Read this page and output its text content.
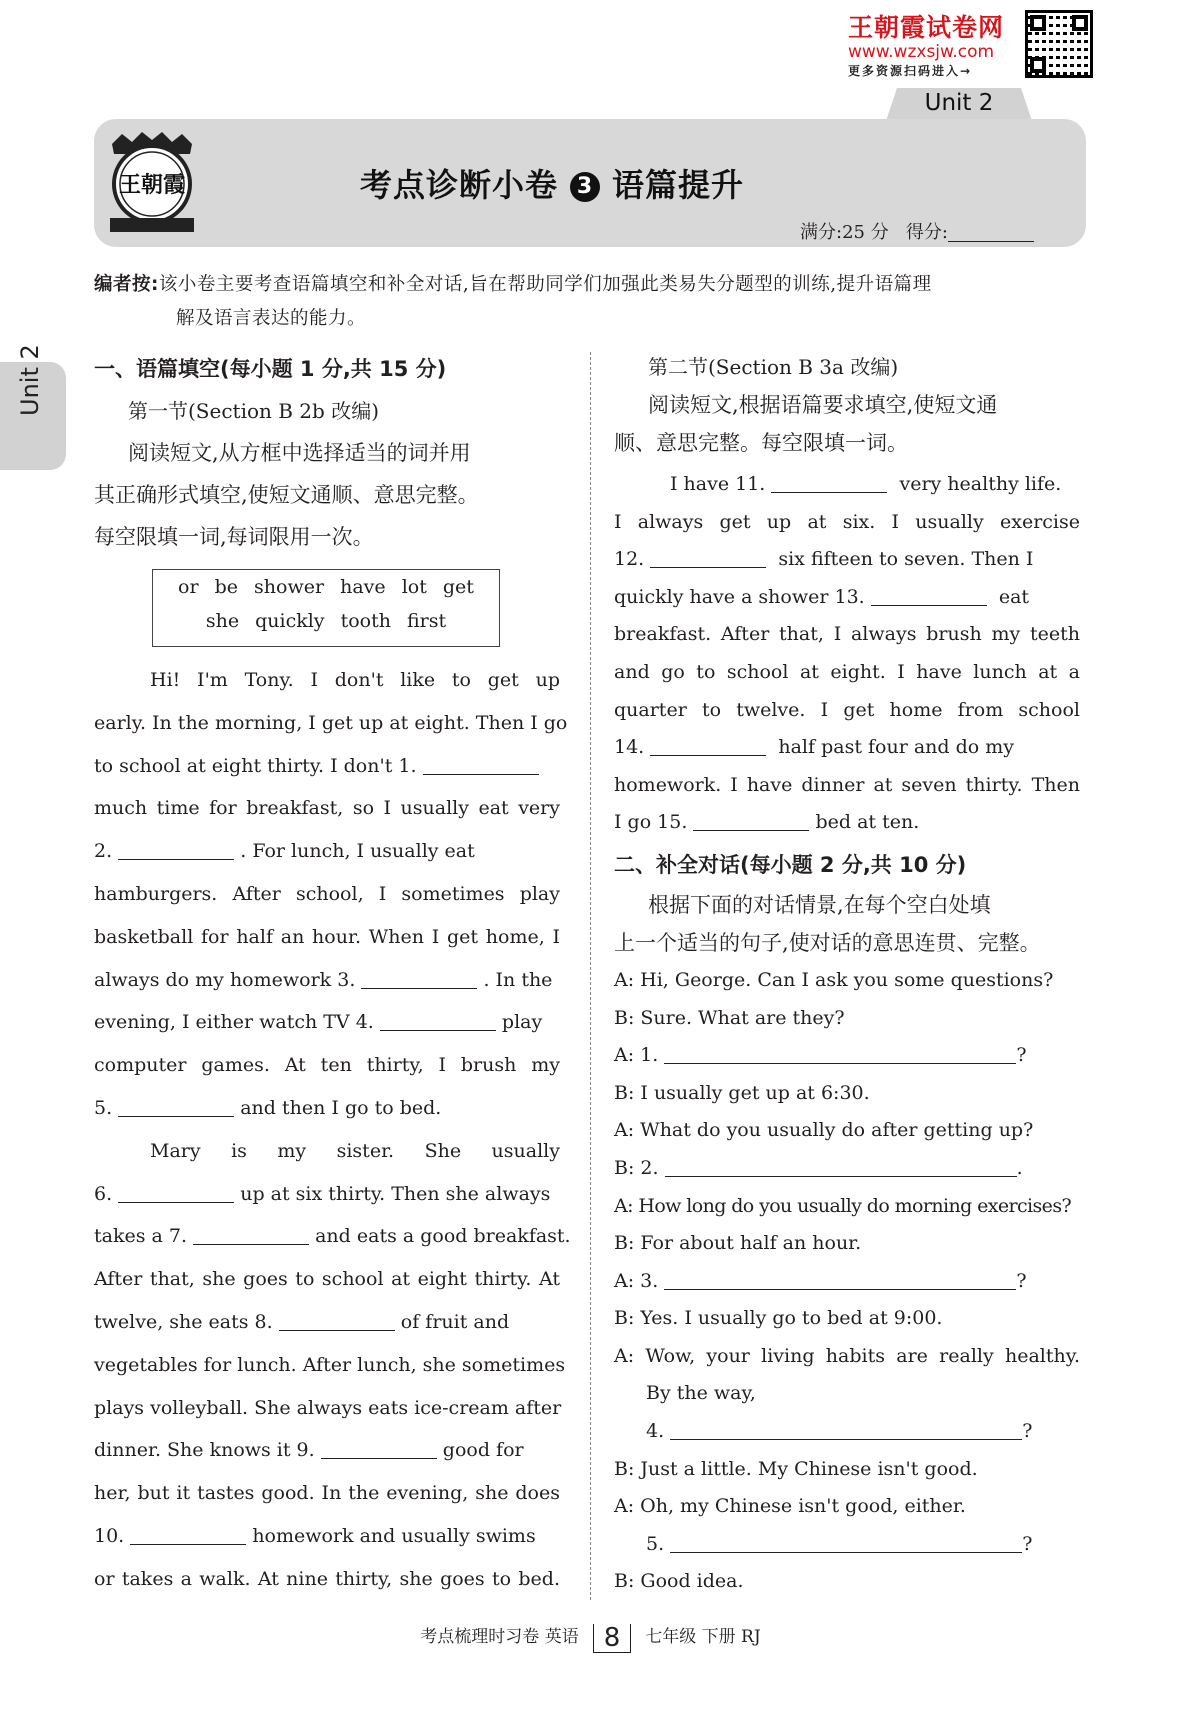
王朝霞试卷网
www.wzxsjw.com
更多资源扫码进入→
Unit 2
王朝霞	考点诊断小卷 3 语篇提升
满分:25 分 得分:
编者按:该小卷主要考查语篇填空和补全对话,旨在帮助同学们加强此类易失分题型的训练,提升语篇理
解及语言表达的能力。
一、语篇填空(每小题 1 分,共 15 分)
第一节(Section B 2b 改编)
阅读短文,从方框中选择适当的词并用
其正确形式填空,使短文通顺、意思完整。
每空限填一词,每词限用一次。
or be shower have lot get
she quickly tooth first
Hi! I'm Tony. I don't like to get up
early. In the morning, I get up at eight. Then I go
to school at eight thirty. I don't 1.
much time for breakfast, so I usually eat very
2.	. For lunch, I usually eat
hamburgers. After school, I sometimes play
basketball for half an hour. When I get home, I
always do my homework 3.	. In the
evening, I either watch TV 4.	play
computer games. At ten thirty, I brush my
5.	and then I go to bed.
Mary is my sister. She usually
6.	up at six thirty. Then she always
takes a 7.	and eats a good breakfast.
After that, she goes to school at eight thirty. At
twelve, she eats 8.	of fruit and
vegetables for lunch. After lunch, she sometimes
plays volleyball. She always eats ice-cream after
dinner. She knows it 9.	good for
her, but it tastes good. In the evening, she does
10.	homework and usually swims
or takes a walk. At nine thirty, she goes to bed.
第二节(Section B 3a 改编)
阅读短文,根据语篇要求填空,使短文通
顺、意思完整。每空限填一词。
I have 11.	very healthy life.
I always get up at six. I usually exercise
12.	six fifteen to seven. Then I
quickly have a shower 13.	eat
breakfast. After that, I always brush my teeth
and go to school at eight. I have lunch at a
quarter to twelve. I get home from school
14.	half past four and do my
homework. I have dinner at seven thirty. Then
I go 15.	bed at ten.
二、补全对话(每小题 2 分,共 10 分)
根据下面的对话情景,在每个空白处填
上一个适当的句子,使对话的意思连贯、完整。
A: Hi, George. Can I ask you some questions?
B: Sure. What are they?
A: 1.	?
B: I usually get up at 6:30.
A: What do you usually do after getting up?
B: 2.	.
A: How long do you usually do morning exercises?
B: For about half an hour.
A: 3.	?
B: Yes. I usually go to bed at 9:00.
A: Wow, your living habits are really healthy.
By the way,
4.	?
B: Just a little. My Chinese isn't good.
A: Oh, my Chinese isn't good, either.
5.	?
B: Good idea.
考点梳理时习卷 英语 8 七年级 下册 RJ
